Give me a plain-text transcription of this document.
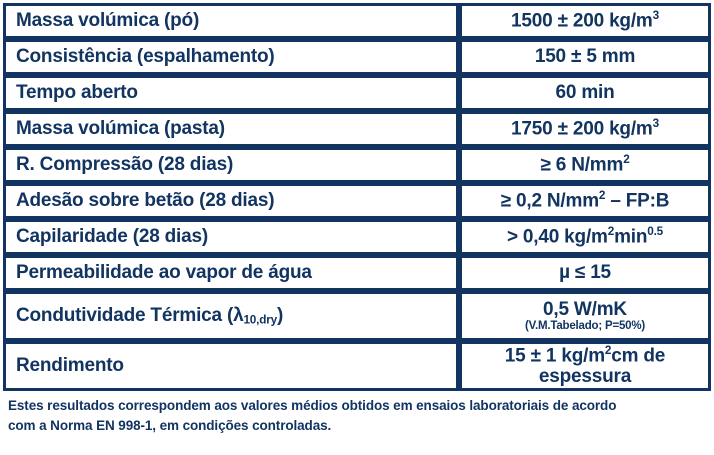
Massa volúmica (pó)	1500 ± 200 $kg/m^3$
Consistência (espalhamento)	150 ± 5 mm
Tempo aberto	60 min
Massa volúmica (pasta)	1750 ± 200 $kg/m^3$
R. Compressão (28 dias)	≥ 6 $N/mm^2$
Adesão sobre betão (28 dias)	≥ 0,2 $N/mm^2$ – FP:B
Capilaridade (28 dias)	> 0,40 $kg/m^2\min^{0.5}$
Permeabilidade ao vapor de água	µ ≤ 15
Condutividade Térmica $(\lambda_{10,dry})$	0,5 W/mK
(V.M.Tabelado; P=50%)

Rendimento	15 ± 1 $kg/m^2cm$ de
espessura
Estes resultados correspondem aos valores médios obtidos em ensaios laboratoriais de acordo
com a Norma EN 998-1, em condições controladas.
